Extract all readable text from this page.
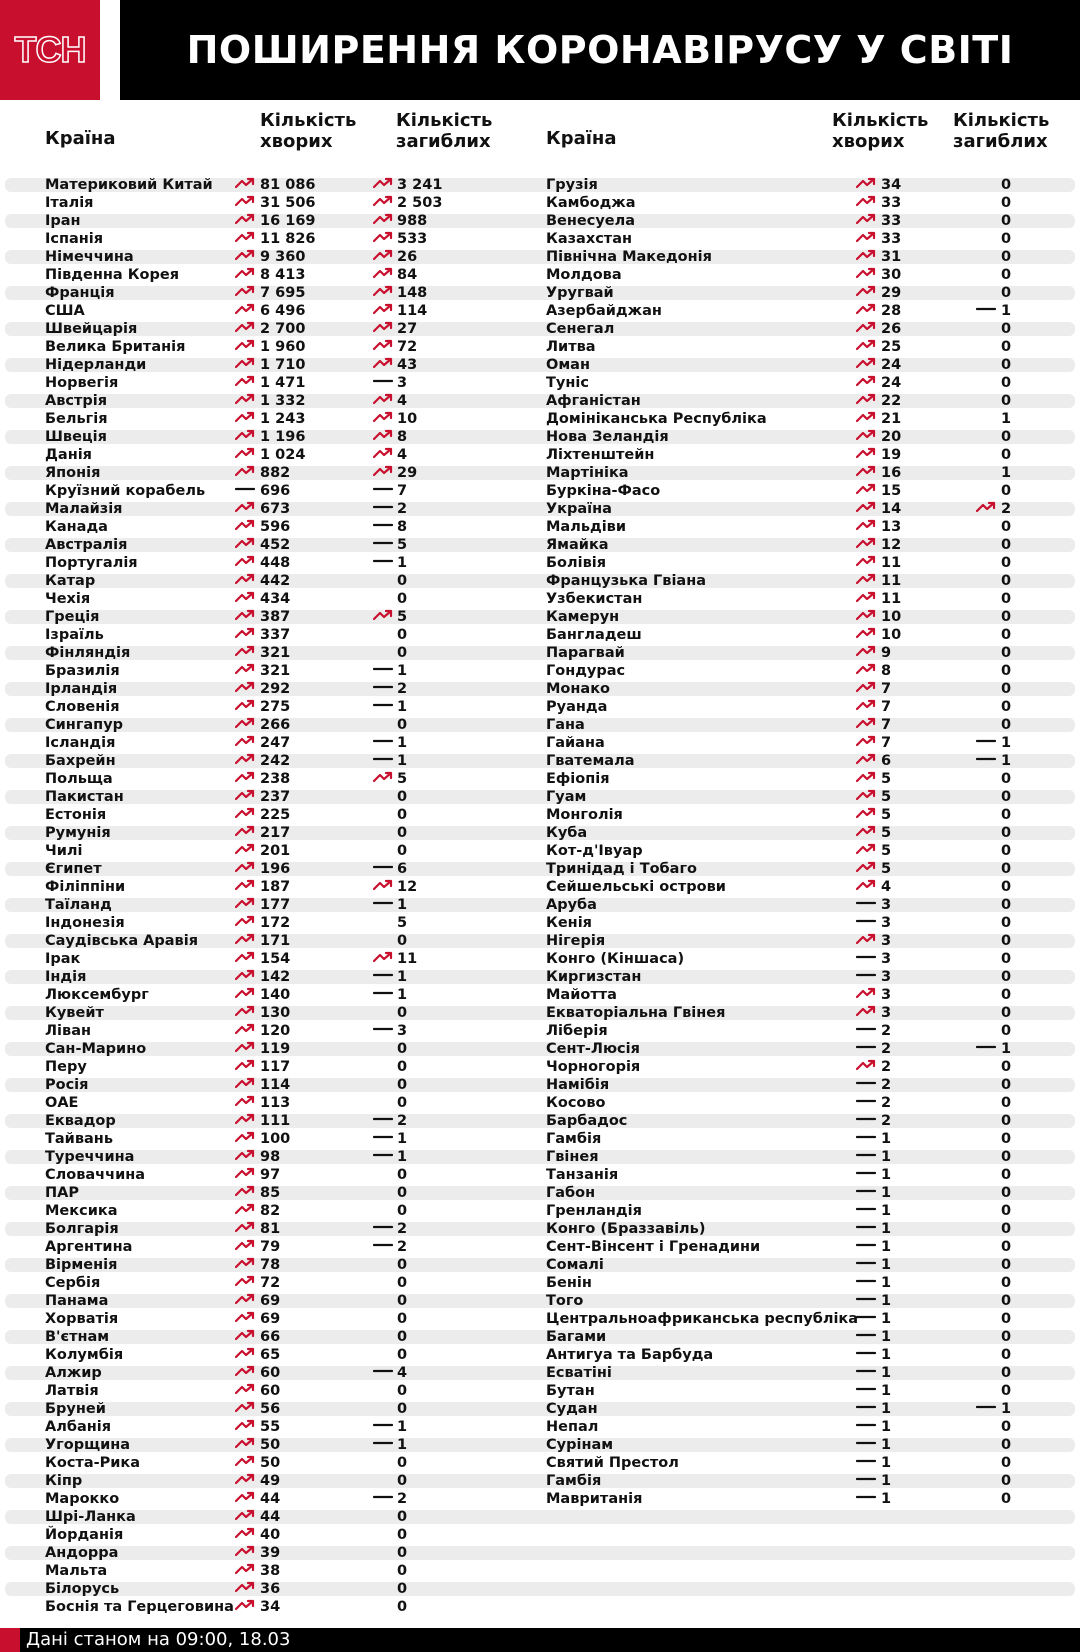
ТСН	ПОШИРЕННЯ КОРОНАВІРУСУ У СВІТІ
Країна
Кількість
хворих
Кількість
загиблих	Країна
Кількість
хворих
Кількість
загиблих
Материковий Китай	81 086	3 241
Італія	31 506	2 503
Іран	16 169	988
Іспанія	11 826	533
Німеччина	9 360	26
Південна Корея	8 413	84
Франція	7 695	148
США	6 496	114
Швейцарія	2 700	27
Велика Британія	1 960	72
Нідерланди	1 710	43
Норвегія	1 471	3
Австрія	1 332	4
Бельгія	1 243	10
Швеція	1 196	8
Данія	1 024	4
Японія	882	29
Круїзний корабель	696	7
Малайзія	673	2
Канада	596	8
Австралія	452	5
Португалія	448	1
Катар	442	0
Чехія	434	0
Греція	387	5
Ізраїль	337	0
Фінляндія	321	0
Бразилія	321	1
Ірландія	292	2
Словенія	275	1
Сингапур	266	0
Ісландія	247	1
Бахрейн	242	1
Польща	238	5
Пакистан	237	0
Естонія	225	0
Румунія	217	0
Чилі	201	0
Єгипет	196	6
Філіппіни	187	12
Таїланд	177	1
Індонезія	172	5
Саудівська Аравія	171	0
Ірак	154	11
Індія	142	1
Люксембург	140	1
Кувейт	130	0
Ліван	120	3
Сан-Марино	119	0
Перу	117	0
Росія	114	0
ОАЕ	113	0
Еквадор	111	2
Тайвань	100	1
Туреччина	98	1
Словаччина	97	0
ПАР	85	0
Мексика	82	0
Болгарія	81	2
Аргентина	79	2
Вірменія	78	0
Сербія	72	0
Панама	69	0
Хорватія	69	0
В'єтнам	66	0
Колумбія	65	0
Алжир	60	4
Латвія	60	0
Бруней	56	0
Албанія	55	1
Угорщина	50	1
Коста-Рика	50	0
Кіпр	49	0
Марокко	44	2
Шрі-Ланка	44	0
Йорданія	40	0
Андорра	39	0
Мальта	38	0
Білорусь	36	0
Боснія та Герцеговина 34	0
Грузія	34	0
Камбоджа	33	0
Венесуела	33	0
Казахстан	33	0
Північна Македонія	31	0
Молдова	30	0
Уругвай	29	0
Азербайджан	28	1
Сенегал	26	0
Литва	25	0
Оман	24	0
Туніс	24	0
Афганістан	22	0
Домініканська Республіка	21	1
Нова Зеландія	20	0
Ліхтенштейн	19	0
Мартініка	16	1
Буркіна-Фасо	15	0
Україна	14	2
Мальдіви	13	0
Ямайка	12	0
Болівія	11	0
Французька Гвіана	11	0
Узбекистан	11	0
Камерун	10	0
Бангладеш	10	0
Парагвай	9	0
Гондурас	8	0
Монако	7	0
Руанда	7	0
Гана	7	0
Гайана	7	1
Гватемала	6	1
Ефіопія	5	0
Гуам	5	0
Монголія	5	0
Куба	5	0
Кот-д'Івуар	5	0
Тринідад і Тобаго	5	0
Сейшельські острови	4	0
Аруба	3	0
Кенія	3	0
Нігерія	3	0
Конго (Кіншаса)	3	0
Киргизстан	3	0
Майотта	3	0
Екваторіальна Гвінея	3	0
Ліберія	2	0
Сент-Люсія	2	1
Чорногорія	2	0
Намібія	2	0
Косово	2	0
Барбадос	2	0
Гамбія	1	0
Гвінея	1	0
Танзанія	1	0
Габон	1	0
Гренландія	1	0
Конго (Браззавіль)	1	0
Сент-Вінсент і Гренадини	1	0
Сомалі	1	0
Бенін	1	0
Того	1	0
Центральноафриканська республіка 1	0
Багами	1	0
Антигуа та Барбуда	1	0
Есватіні	1	0
Бутан	1	0
Судан	1	1
Непал	1	0
Сурінам	1	0
Святий Престол	1	0
Гамбія	1	0
Мавританія	1	0
Дані станом на 09:00, 18.03
